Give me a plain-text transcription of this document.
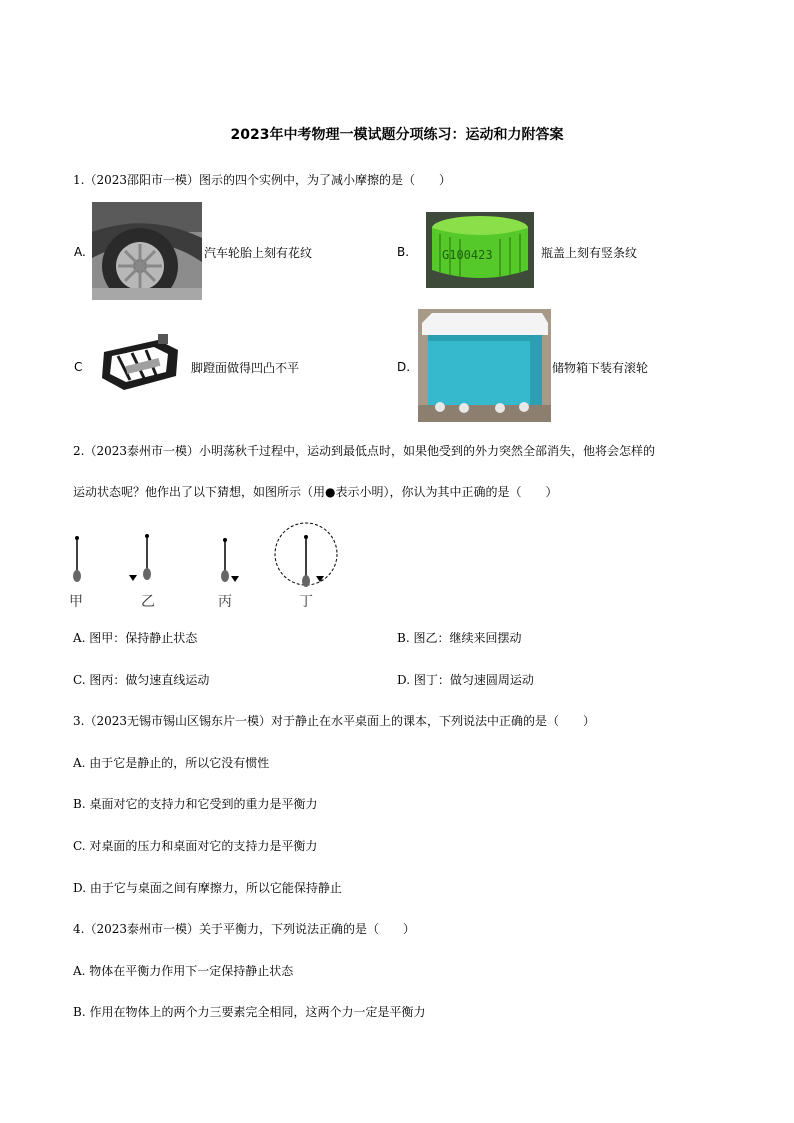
2023年中考物理一模试题分项练习：运动和力附答案
1.（2023邵阳市一模）图示的四个实例中，为了减小摩擦的是（　　）
A.	汽车轮胎上刻有花纹	B.	G100423	瓶盖上刻有竖条纹
C	脚蹬面做得凹凸不平	D.	储物箱下装有滚轮
2.（2023泰州市一模）小明荡秋千过程中，运动到最低点时，如果他受到的外力突然全部消失，他将会怎样的
运动状态呢？他作出了以下猜想，如图所示（用●表示小明），你认为其中正确的是（　　）
甲	乙	丙	丁
A. 图甲：保持静止状态	B. 图乙：继续来回摆动
C. 图丙：做匀速直线运动	D. 图丁：做匀速圆周运动
3.（2023无锡市锡山区锡东片一模）对于静止在水平桌面上的课本，下列说法中正确的是（　　）
A. 由于它是静止的，所以它没有惯性
B. 桌面对它的支持力和它受到的重力是平衡力
C. 对桌面的压力和桌面对它的支持力是平衡力
D. 由于它与桌面之间有摩擦力，所以它能保持静止
4.（2023泰州市一模）关于平衡力，下列说法正确的是（　　）
A. 物体在平衡力作用下一定保持静止状态
B. 作用在物体上的两个力三要素完全相同，这两个力一定是平衡力
